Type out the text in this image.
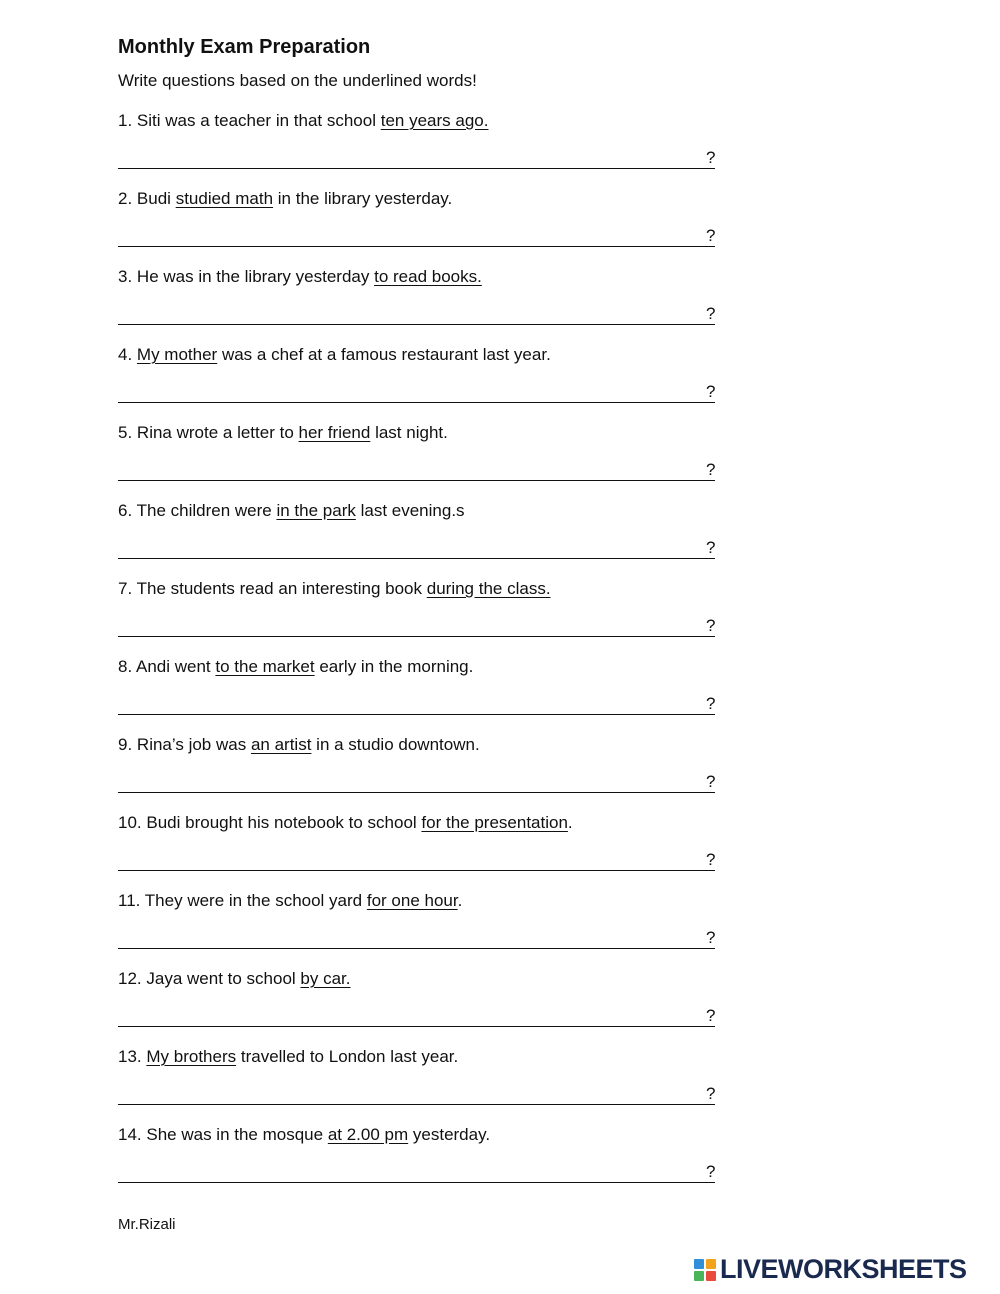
Monthly Exam Preparation
Write questions based on the underlined words!
1. Siti was a teacher in that school ten years ago.
?
2. Budi studied math in the library yesterday.
?
3. He was in the library yesterday to read books.
?
4. My mother was a chef at a famous restaurant last year.
?
5. Rina wrote a letter to her friend last night.
?
6. The children were in the park last evening.s
?
7. The students read an interesting book during the class.
?
8. Andi went to the market early in the morning.
?
9. Rina’s job was an artist in a studio downtown.
?
10. Budi brought his notebook to school for the presentation.
?
11. They were in the school yard for one hour.
?
12. Jaya went to school by car.
?
13. My brothers travelled to London last year.
?
14. She was in the mosque at 2.00 pm yesterday.
?
Mr.Rizali
LIVEWORKSHEETS
